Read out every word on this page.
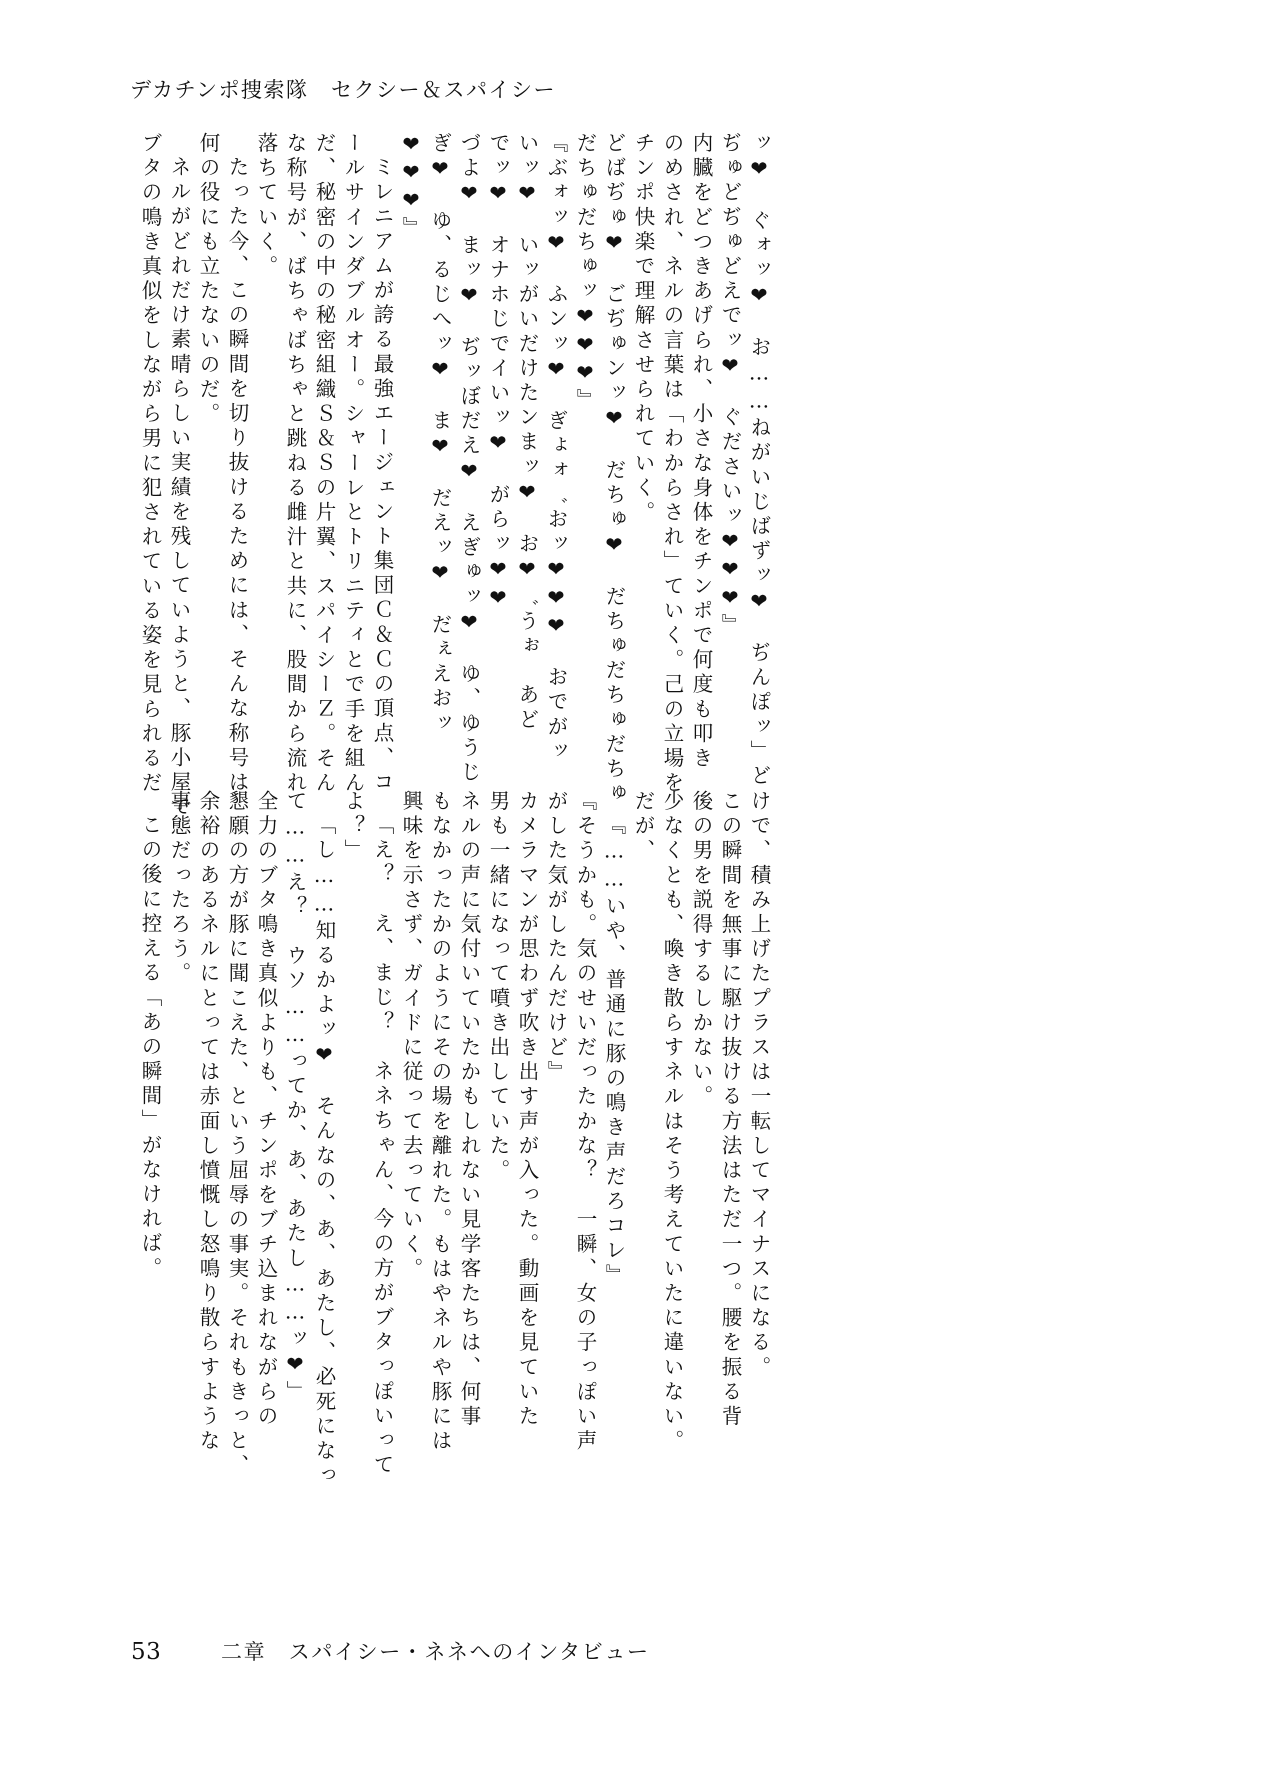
デカチンポ捜索隊　セクシー＆スパイシー
ッ❤　ぐォッ❤　お……ねがいじばずッ❤　ぢんぽッ」ど
ぢゅどぢゅどえでッ❤　ぐださいッ❤❤❤』
内臓をどつきあげられ、小さな身体をチンポで何度も叩き
のめされ、ネルの言葉は「わからされ」ていく。己の立場を
チンポ快楽で理解させられていく。
どばぢゅ❤　ごぢゅンッ❤　だちゅ❤　だちゅだちゅだちゅ
だちゅだちゅッ❤❤❤』
『ぶォッ❤　ふンッ❤　ぎょォ゛おッ❤❤❤　おでがッ
いッ❤　いッがいだけたンまッ❤　お❤゛うぉ　あど
でッ❤　オナホじでイいッ❤　がらッ❤❤
づよ❤　まッ❤　ぢッぼだえ❤　えぎゅッ❤　ゆ、ゆうじ
ぎ❤　ゆ、るじへッ❤　ま❤　だえッ❤　だぇえおッ
❤❤❤』
ミレニアムが誇る最強エージェント集団Ｃ＆Ｃの頂点、コ
ールサインダブルオー。シャーレとトリニティとで手を組ん
だ、秘密の中の秘密組織Ｓ＆Ｓの片翼、スパイシーＺ。そん
な称号が、ばちゃばちゃと跳ねる雌汁と共に、股間から流れ
落ちていく。
たった今、この瞬間を切り抜けるためには、そんな称号は
何の役にも立たないのだ。
ネルがどれだけ素晴らしい実績を残していようと、豚小屋で
ブタの鳴き真似をしながら男に犯されている姿を見られるだ
けで、積み上げたプラスは一転してマイナスになる。
この瞬間を無事に駆け抜ける方法はただ一つ。腰を振る背
後の男を説得するしかない。
少なくとも、喚き散らすネルはそう考えていたに違いない。
だが、
『……いや、普通に豚の鳴き声だろコレ』
『そうかも。気のせいだったかな？　一瞬、女の子っぽい声
がした気がしたんだけど』
カメラマンが思わず吹き出す声が入った。動画を見ていた
男も一緒になって噴き出していた。
ネルの声に気付いていたかもしれない見学客たちは、何事
もなかったかのようにその場を離れた。もはやネルや豚には
興味を示さず、ガイドに従って去っていく。
「え？　え、まじ？　ネネちゃん、今の方がブタっぽいって
よ？」
「し……知るかよッ❤　そんなの、あ、あたし、必死になっ
て……え？　ウソ……ってか、あ、あたし……ッ❤」
全力のブタ鳴き真似よりも、チンポをブチ込まれながらの
懇願の方が豚に聞こえた、という屈辱の事実。それもきっと、
余裕のあるネルにとっては赤面し憤慨し怒鳴り散らすような
事態だったろう。
この後に控える「あの瞬間」がなければ。
53	二章　スパイシー・ネネへのインタビュー
